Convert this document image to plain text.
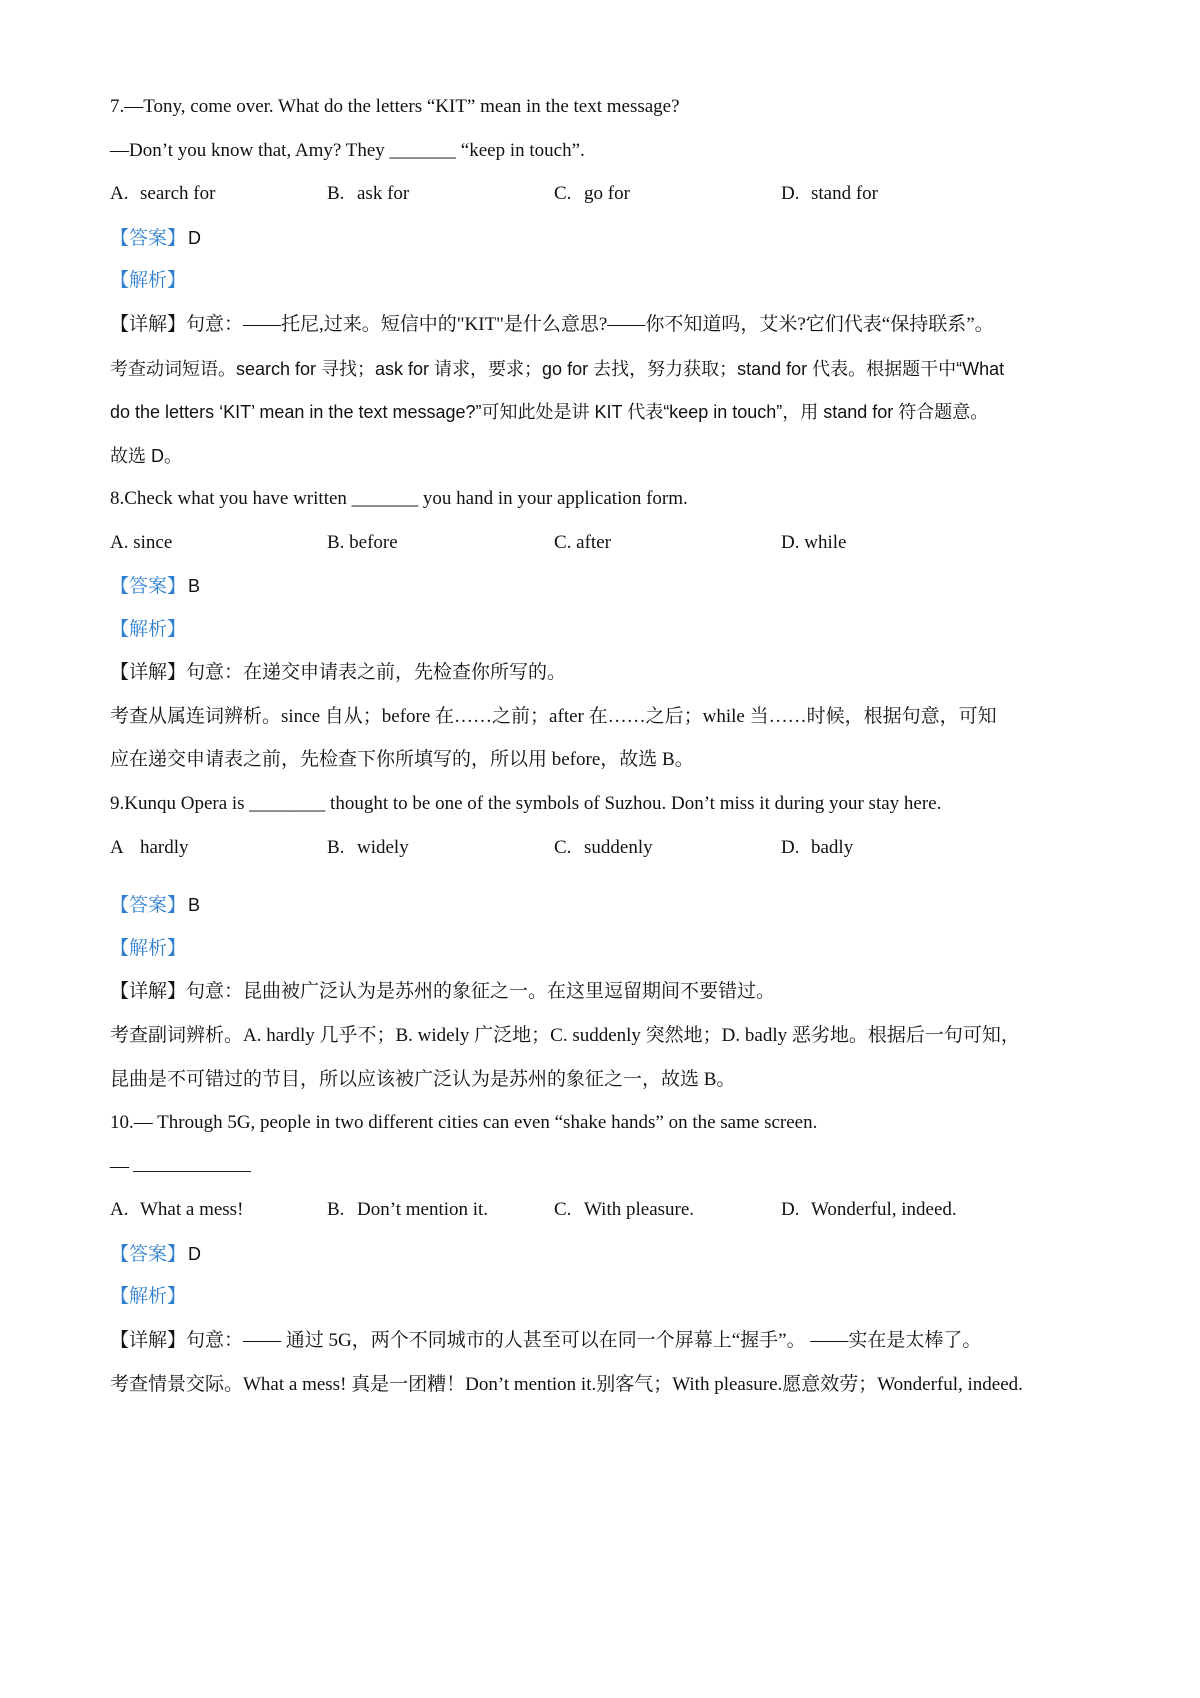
7.—Tony, come over. What do the letters “KIT” mean in the text message?
—Don’t you know that, Amy? They _______ “keep in touch”.
A. search for	B. ask for	C. go for	D. stand for
【答案】 D
【解析】
【详解】句意：——托尼,过来。短信中的"KIT"是什么意思?——你不知道吗，艾米?它们代表“保持联系”。
考查动词短语。search for 寻找；ask for 请求，要求；go for 去找，努力获取；stand for 代表。根据题干中“What
do the letters ‘KIT’ mean in the text message?”可知此处是讲 KIT 代表“keep in touch”，用 stand for 符合题意。
故选 D。
8.Check what you have written _______ you hand in your application form.
A. since	B. before	C. after	D. while
【答案】 B
【解析】
【详解】句意：在递交申请表之前，先检查你所写的。
考查从属连词辨析。since 自从；before 在……之前；after 在……之后；while 当……时候，根据句意，可知
应在递交申请表之前，先检查下你所填写的，所以用 before，故选 B。
9.Kunqu Opera is ________ thought to be one of the symbols of Suzhou. Don’t miss it during your stay here.
A hardly	B. widely	C. suddenly	D. badly
【答案】 B
【解析】
【详解】句意：昆曲被广泛认为是苏州的象征之一。在这里逗留期间不要错过。
考查副词辨析。A. hardly 几乎不；B. widely 广泛地；C. suddenly 突然地；D. badly 恶劣地。根据后一句可知，
昆曲是不可错过的节目，所以应该被广泛认为是苏州的象征之一，故选 B。
10.— Through 5G, people in two different cities can even “shake hands” on the same screen.
—
A. What a mess!	B. Don’t mention it.	C. With pleasure.	D. Wonderful, indeed.
【答案】 D
【解析】
【详解】句意：—— 通过 5G，两个不同城市的人甚至可以在同一个屏幕上“握手”。 ——实在是太棒了。
考查情景交际。What a mess! 真是一团糟！Don’t mention it.别客气；With pleasure.愿意效劳；Wonderful, indeed.
